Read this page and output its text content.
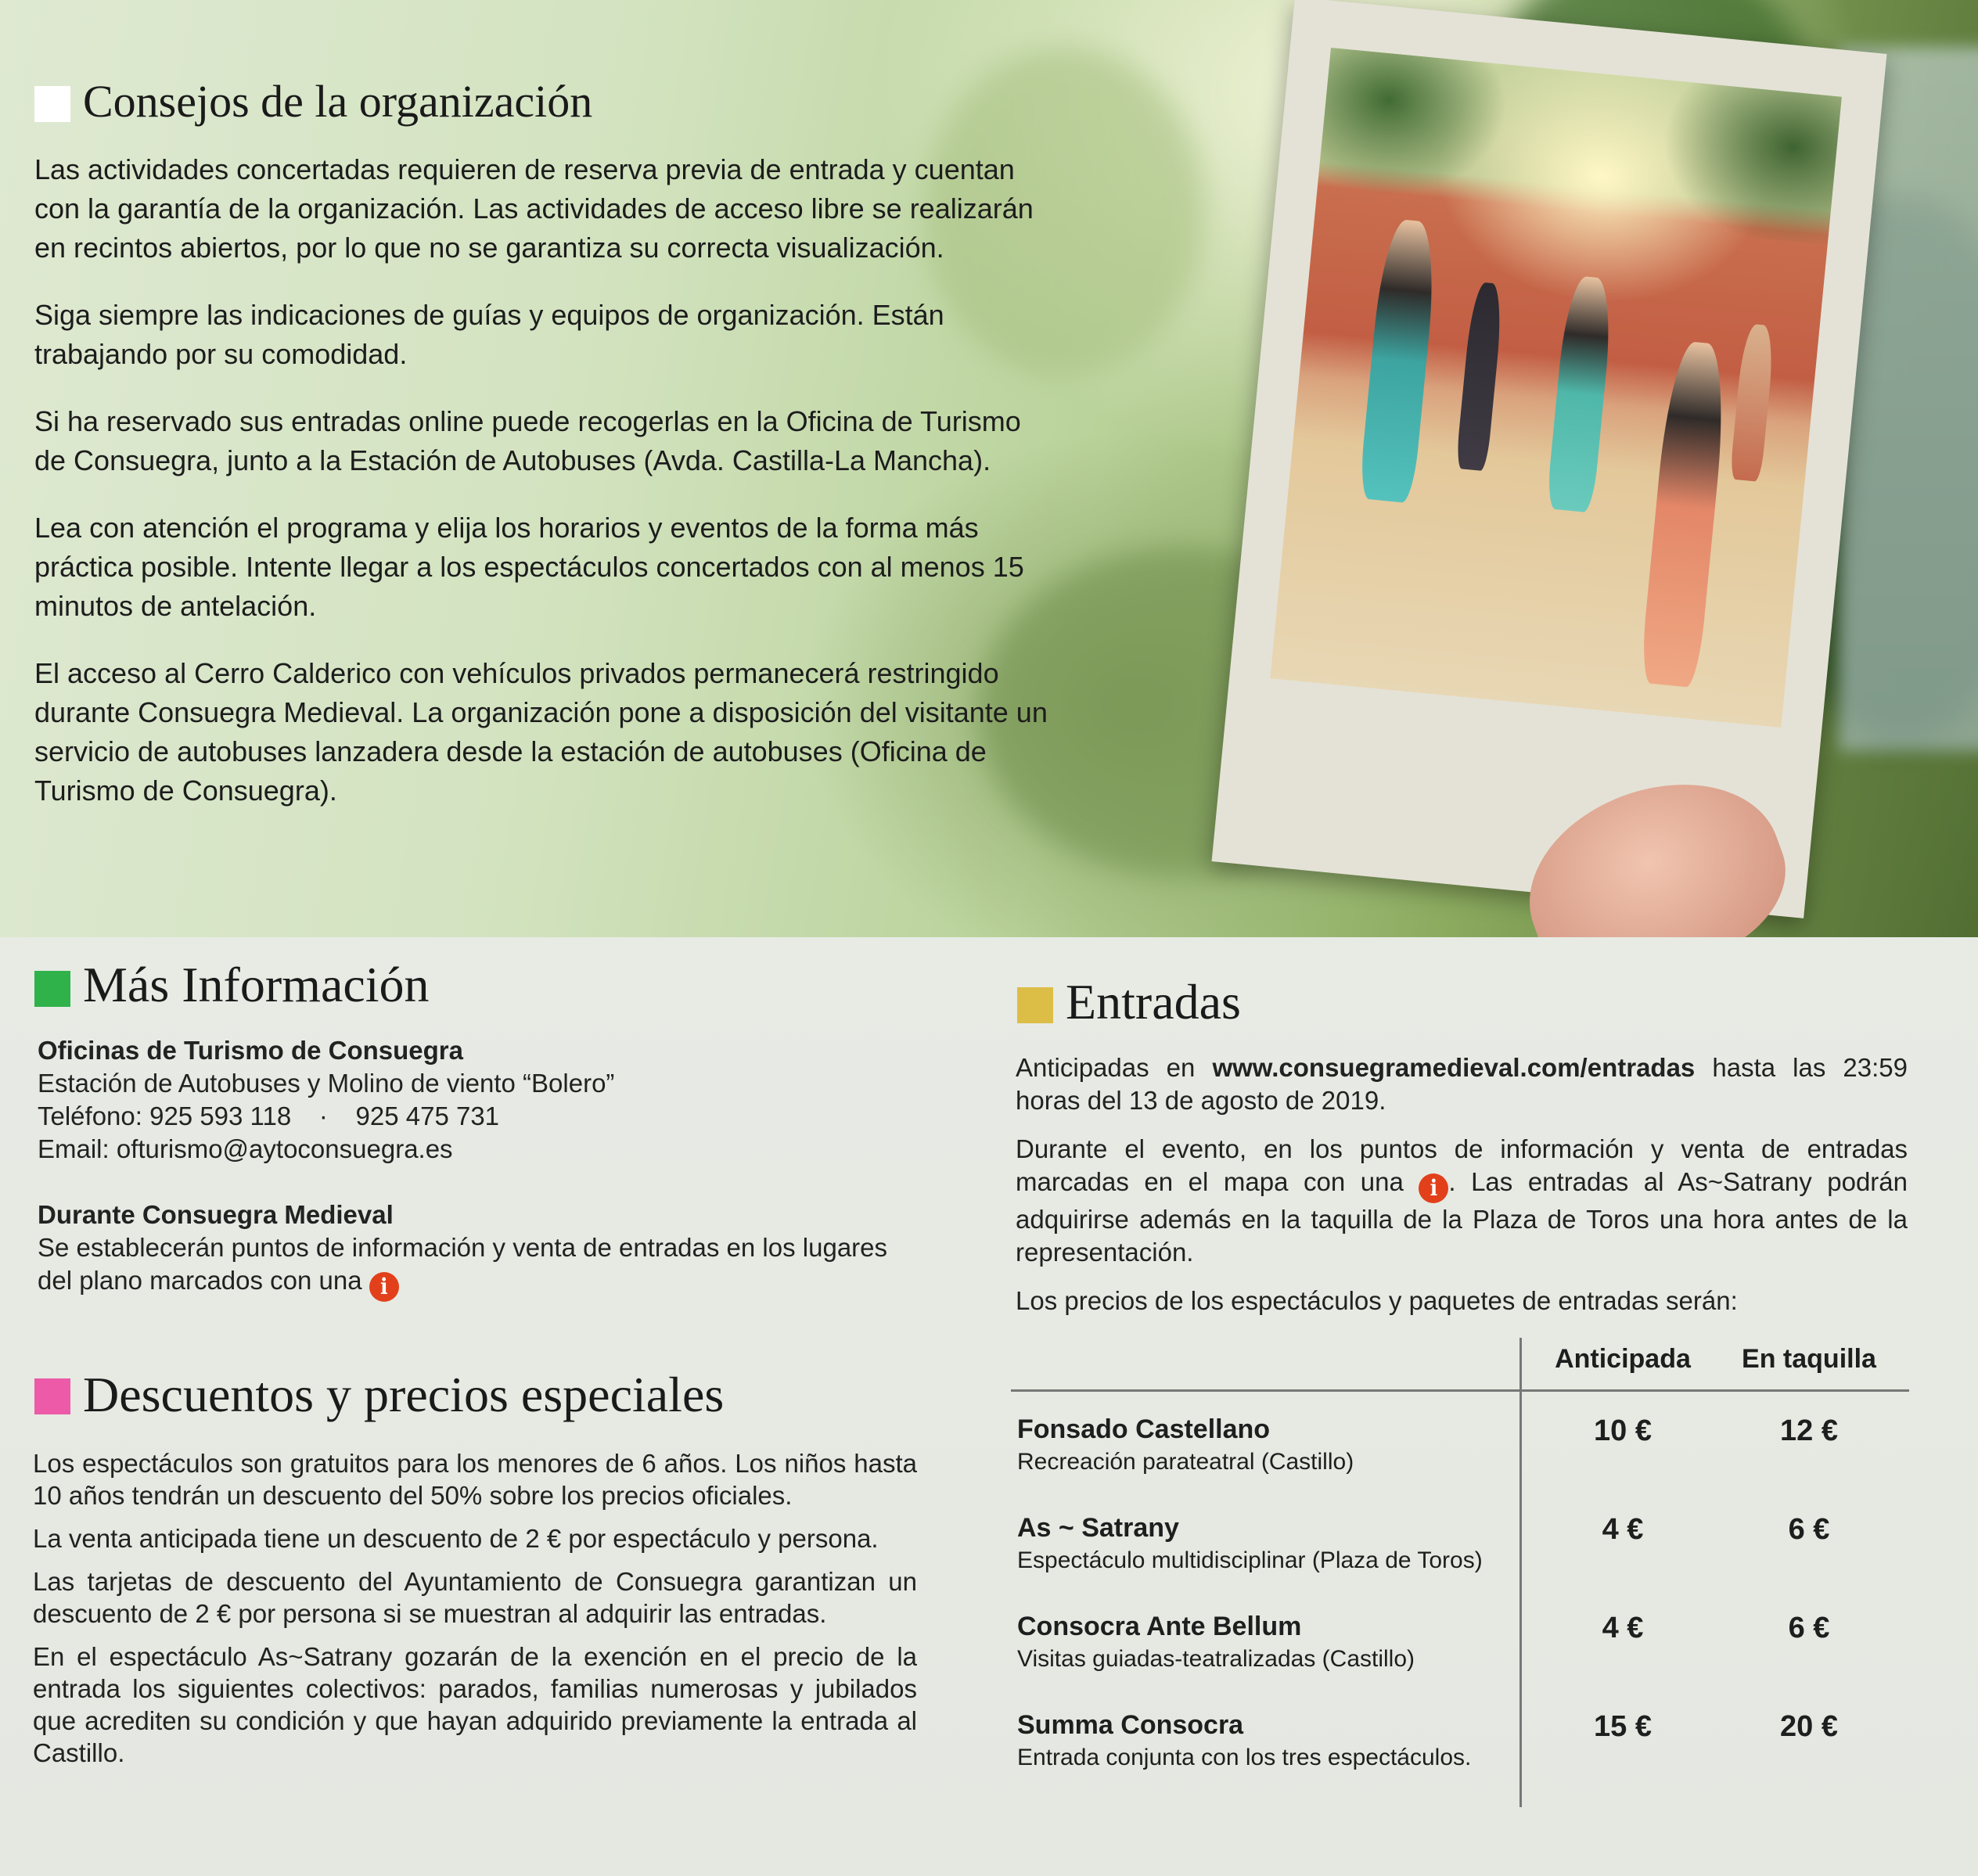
Consejos de la organización

Las actividades concertadas requieren de reserva previa de entrada y cuentan con la garantía de la organización. Las actividades de acceso libre se realizarán en recintos abiertos, por lo que no se garantiza su correcta visualización.

Siga siempre las indicaciones de guías y equipos de organización. Están trabajando por su comodidad.

Si ha reservado sus entradas online puede recogerlas en la Oficina de Turismo de Consuegra, junto a la Estación de Autobuses (Avda. Castilla-La Mancha).

Lea con atención el programa y elija los horarios y eventos de la forma más práctica posible. Intente llegar a los espectáculos concertados con al menos 15 minutos de antelación.

El acceso al Cerro Calderico con vehículos privados permanecerá restringido durante Consuegra Medieval. La organización pone a disposición del visitante un servicio de autobuses lanzadera desde la estación de autobuses (Oficina de Turismo de Consuegra).

Más Información

Oficinas de Turismo de Consuegra

Estación de Autobuses y Molino de viento “Bolero”

Teléfono: 925 593 118 · 925 475 731

Email: ofturismo@aytoconsuegra.es

Durante Consuegra Medieval

Se establecerán puntos de información y venta de entradas en los lugares del plano marcados con una i

Descuentos y precios especiales

Los espectáculos son gratuitos para los menores de 6 años. Los niños hasta 10 años tendrán un descuento del 50% sobre los precios oficiales.

La venta anticipada tiene un descuento de 2 € por espectáculo y persona.

Las tarjetas de descuento del Ayuntamiento de Consuegra garantizan un descuento de 2 € por persona si se muestran al adquirir las entradas.

En el espectáculo As~Satrany gozarán de la exención en el precio de la entrada los siguientes colectivos: parados, familias numerosas y jubilados que acrediten su condición y que hayan adquirido previamente la entrada al Castillo.

Entradas

Anticipadas en www.consuegramedieval.com/entradas hasta las 23:59 horas del 13 de agosto de 2019.

Durante el evento, en los puntos de información y venta de entradas marcadas en el mapa con una i . Las entradas al As~Satrany podrán adquirirse además en la taquilla de la Plaza de Toros una hora antes de la representación.

Los precios de los espectáculos y paquetes de entradas serán:

Anticipada	En taquilla
Fonsado Castellano
Recreación parateatral (Castillo)
10 €	12 €
As ~ Satrany
Espectáculo multidisciplinar (Plaza de Toros)
4 €	6 €
Consocra Ante Bellum
Visitas guiadas-teatralizadas (Castillo)
4 €	6 €
Summa Consocra
Entrada conjunta con los tres espectáculos.
15 €	20 €
